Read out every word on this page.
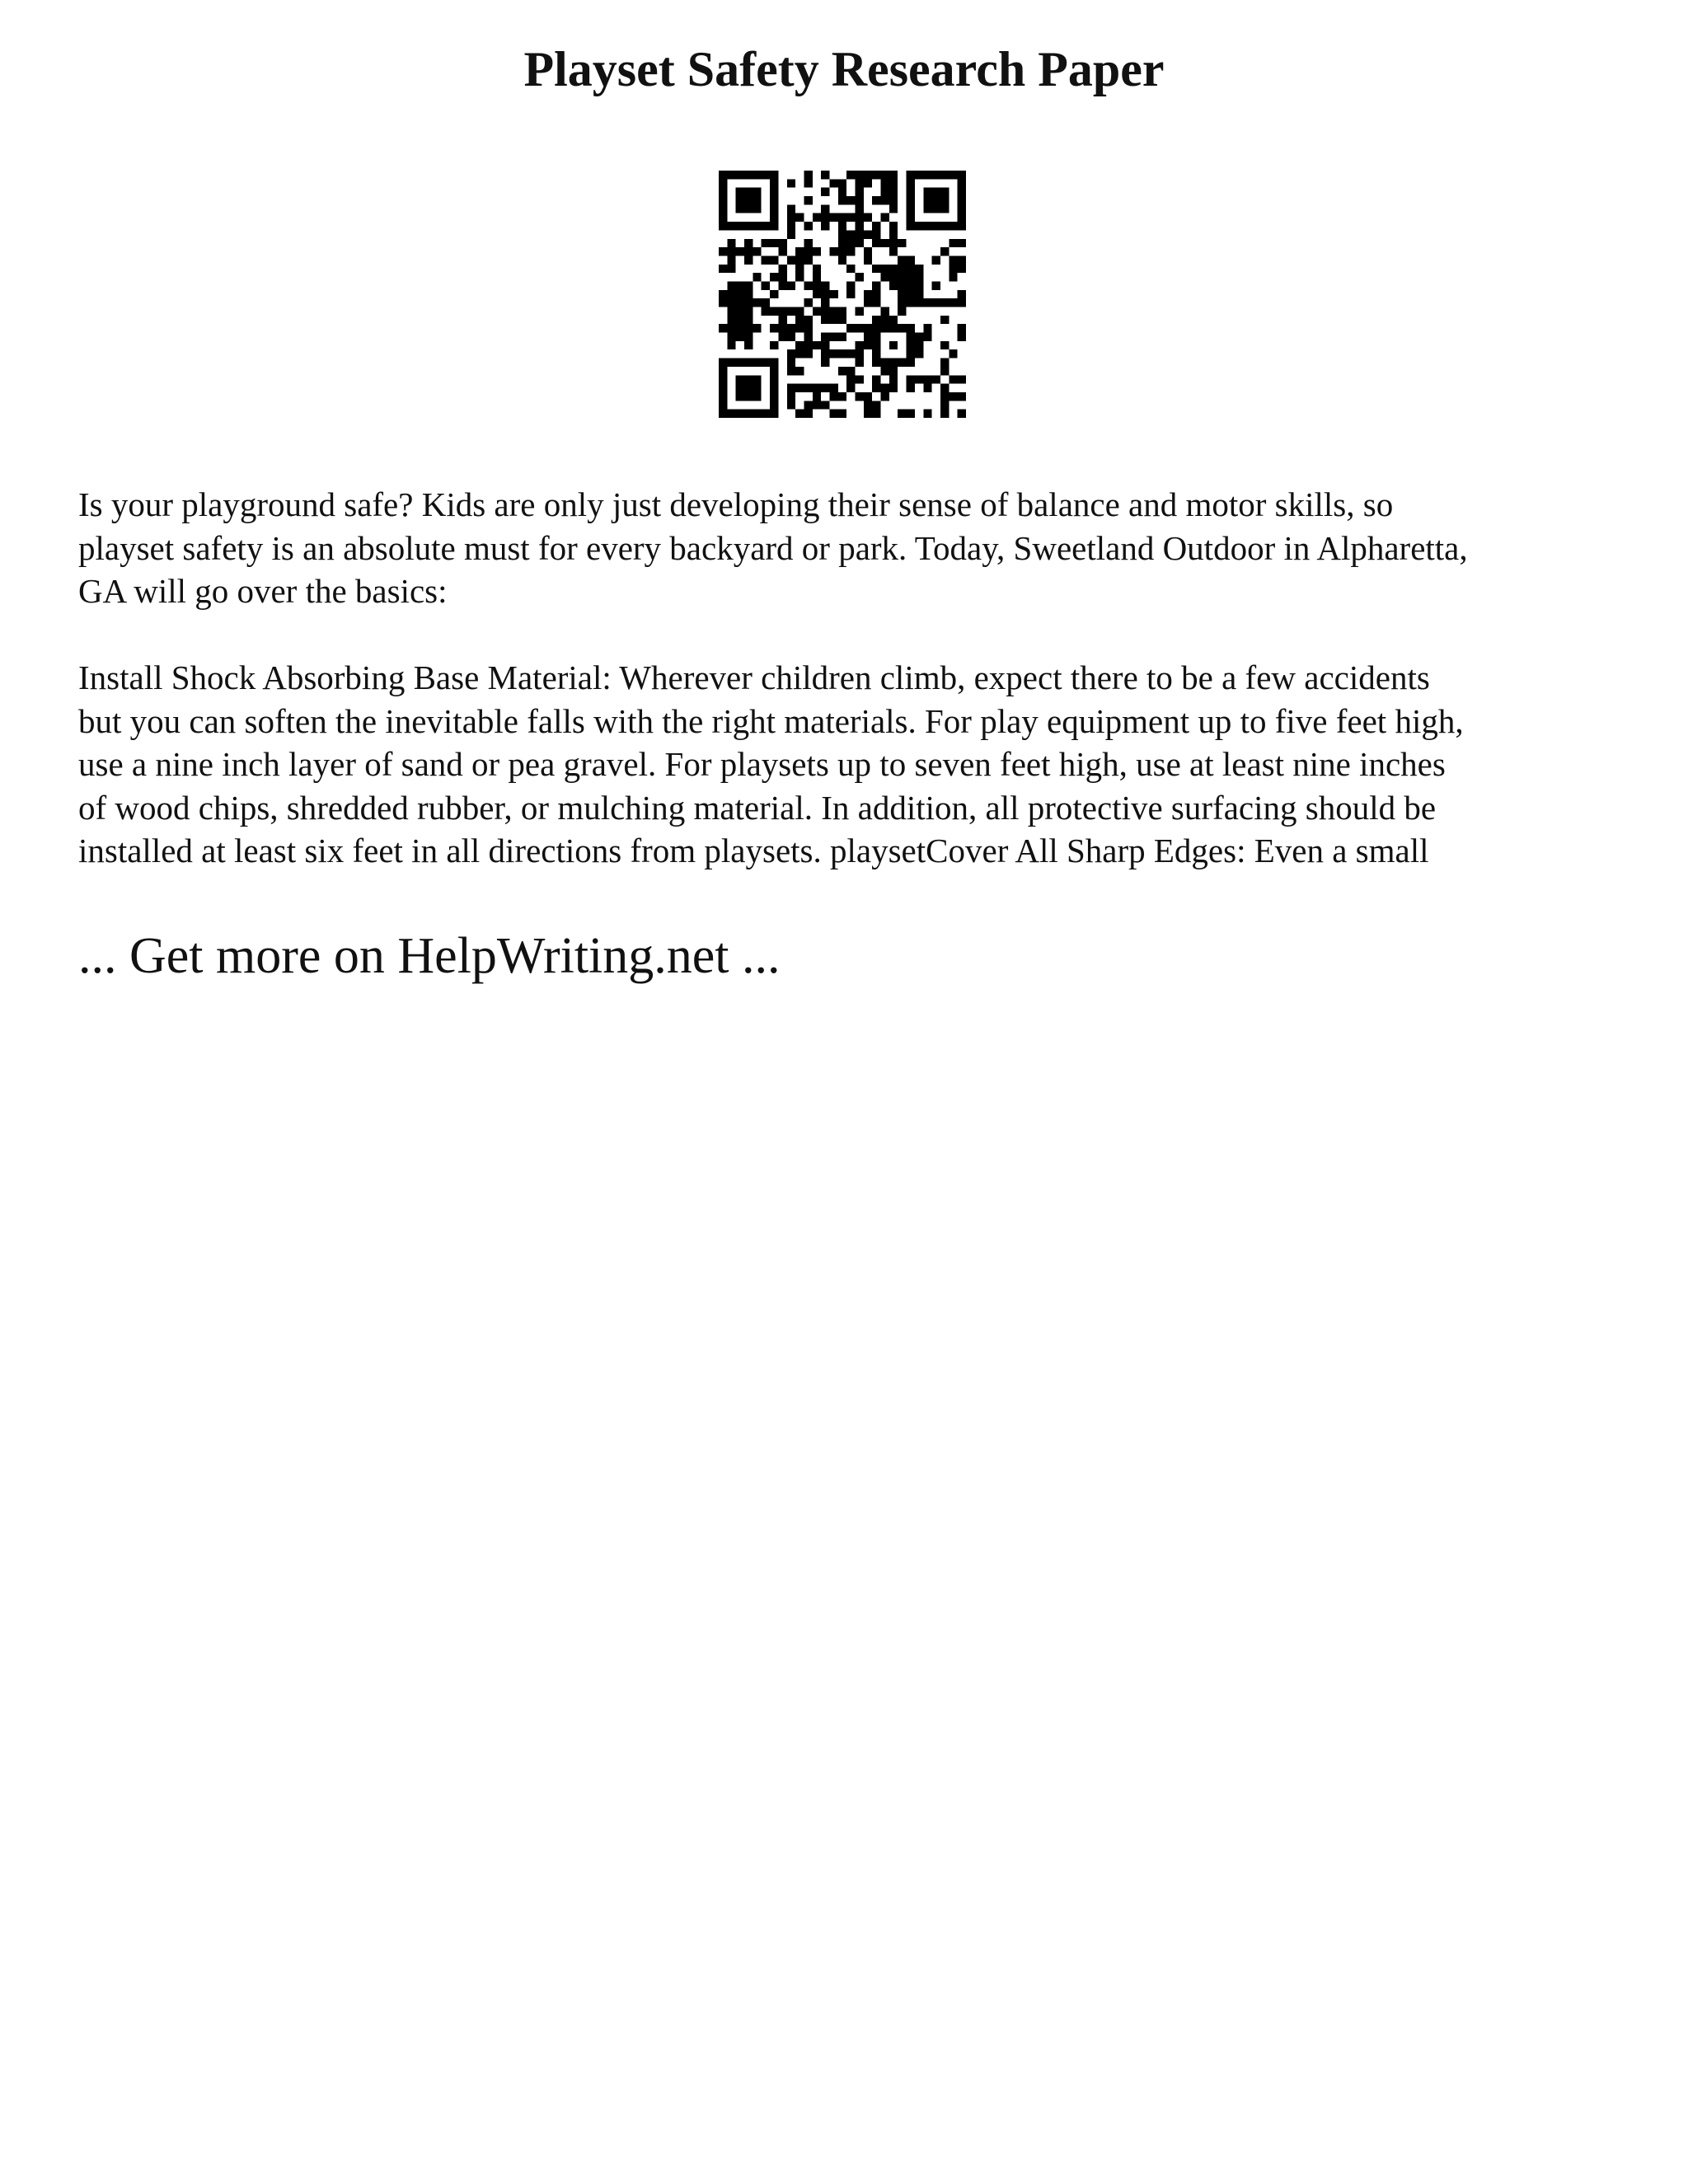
Playset Safety Research Paper

Is your playground safe? Kids are only just developing their sense of balance and motor skills, so
playset safety is an absolute must for every backyard or park. Today, Sweetland Outdoor in Alpharetta,
GA will go over the basics:

Install Shock Absorbing Base Material: Wherever children climb, expect there to be a few accidents
but you can soften the inevitable falls with the right materials. For play equipment up to five feet high,
use a nine inch layer of sand or pea gravel. For playsets up to seven feet high, use at least nine inches
of wood chips, shredded rubber, or mulching material. In addition, all protective surfacing should be
installed at least six feet in all directions from playsets. playsetCover All Sharp Edges: Even a small

... Get more on HelpWriting.net ...
